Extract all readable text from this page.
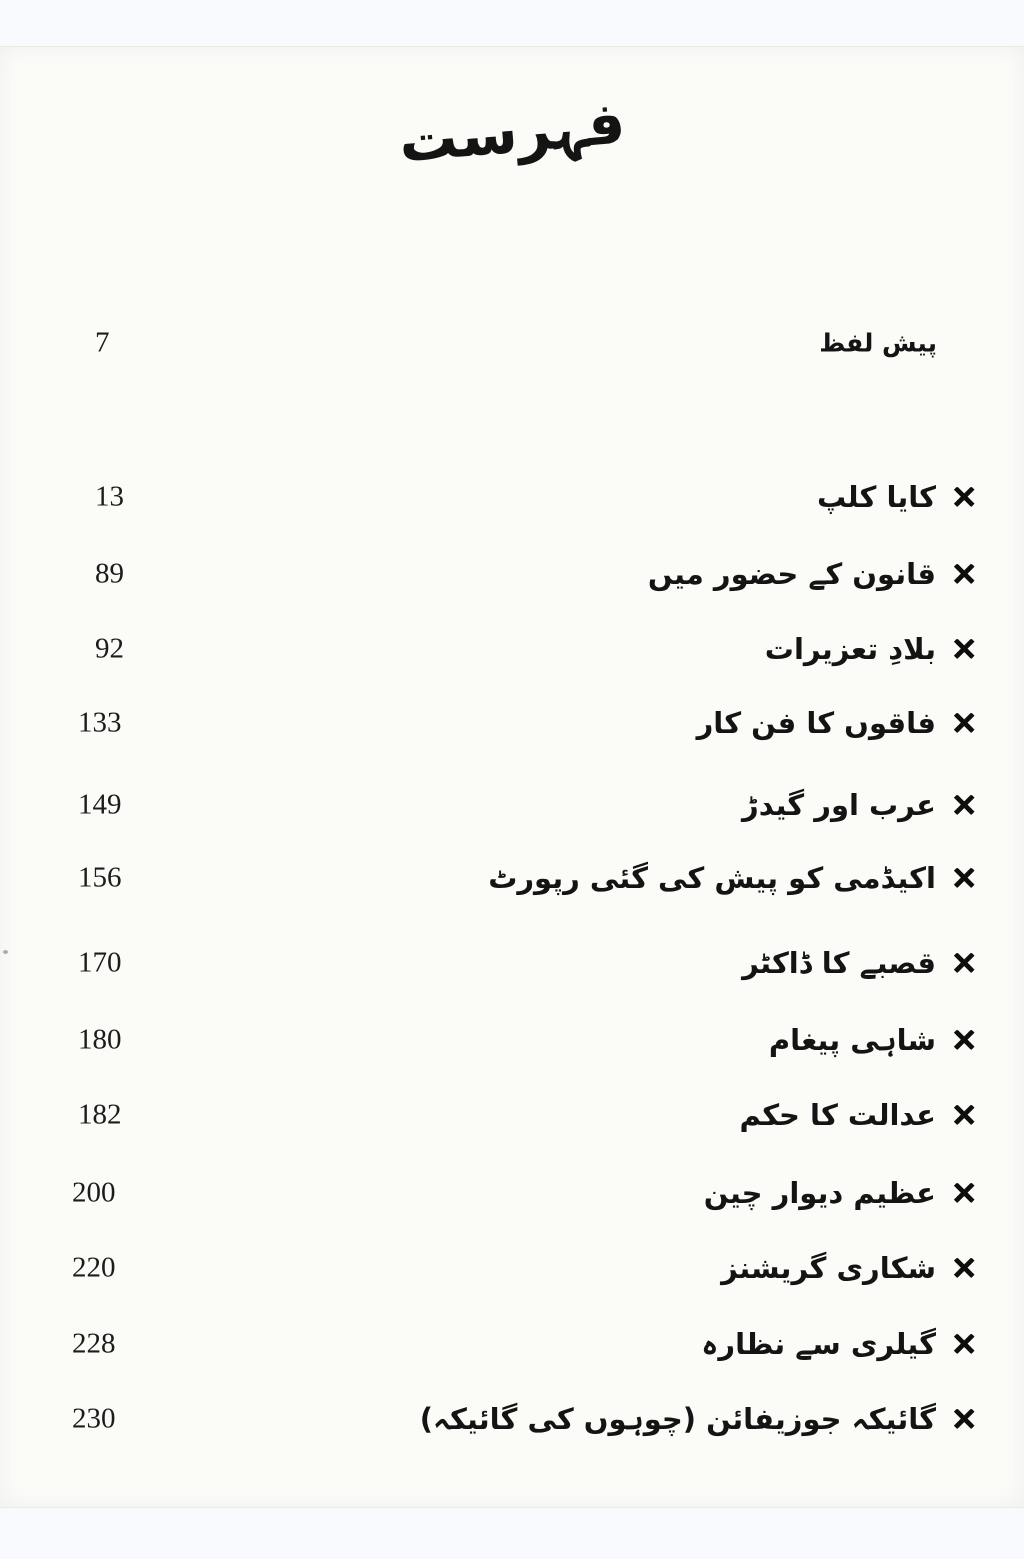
فہرست
7	پیش لفظ
13	کایا کلپ ×
89	قانون کے حضور میں ×
92	بلادِ تعزیرات ×
133	فاقوں کا فن کار ×
149	عرب اور گیدڑ ×
156	اکیڈمی کو پیش کی گئی رپورٹ ×
170	قصبے کا ڈاکٹر ×
180	شاہی پیغام ×
182	عدالت کا حکم ×
200	عظیم دیوار چین ×
220	شکاری گریشنز ×
228	گیلری سے نظارہ ×
230	گائیکہ جوزیفائن (چوہوں کی گائیکہ) ×
